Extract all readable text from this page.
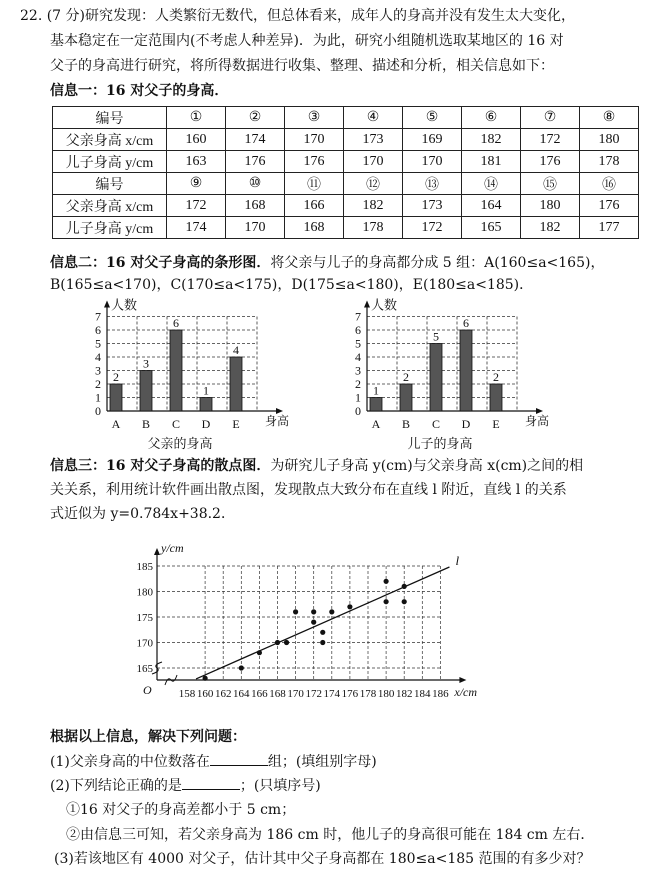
22. (7 分)研究发现：人类繁衍无数代，但总体看来，成年人的身高并没有发生太大变化，
基本稳定在一定范围内(不考虑人种差异)．为此，研究小组随机选取某地区的 16 对
父子的身高进行研究，将所得数据进行收集、整理、描述和分析，相关信息如下：
信息一：16 对父子的身高．
编号	①	②	③	④	⑤	⑥	⑦	⑧
父亲身高 x/cm	160	174	170	173	169	182	172	180
儿子身高 y/cm	163	176	176	170	170	181	176	178
编号	⑨	⑩	⑪	⑫	⑬	⑭	⑮	⑯
父亲身高 x/cm	172	168	166	182	173	164	180	176
儿子身高 y/cm	174	170	168	178	172	165	182	177
信息二：16 对父子身高的条形图．将父亲与儿子的身高都分成 5 组：A(160≤a<165)，
B(165≤a<170)，C(170≤a<175)，D(175≤a<180)，E(180≤a<185)．
0
1
2
3
4
5
6
7
人数
身高
2
A
3
B
6
C
1
D
4
E
父亲的身高
0
1
2
3
4
5
6
7
人数
身高
1
A
2
B
5
C
6
D
2
E
儿子的身高
信息三：16 对父子身高的散点图．为研究儿子身高 y(cm)与父亲身高 x(cm)之间的相
关关系，利用统计软件画出散点图，发现散点大致分布在直线 l 附近，直线 l 的关系
式近似为 y=0.784x+38.2．
158 160 162 164 166 168 170 172 174 176 178 180 182 184 186
165
170
175
180
185
O
y/cm
x/cm
l
根据以上信息，解决下列问题：
(1)父亲身高的中位数落在	组；(填组别字母)
(2)下列结论正确的是	；(只填序号)
①16 对父子的身高差都小于 5 cm；
②由信息三可知，若父亲身高为 186 cm 时，他儿子的身高很可能在 184 cm 左右．
(3)若该地区有 4000 对父子，估计其中父子身高都在 180≤a<185 范围的有多少对？
